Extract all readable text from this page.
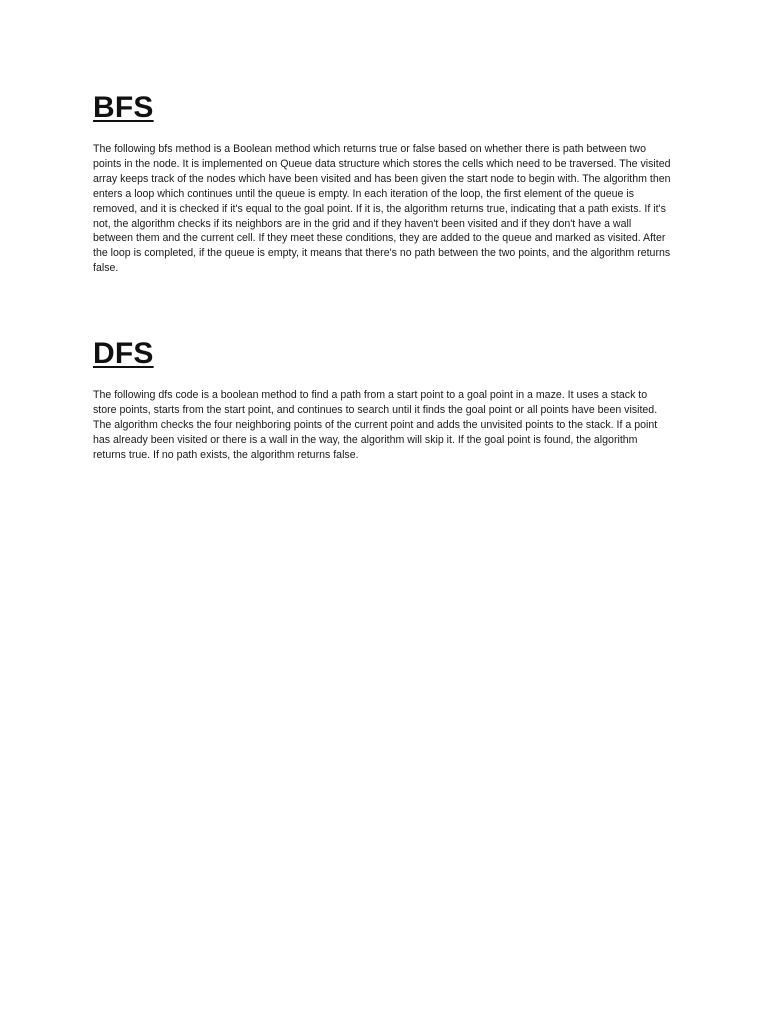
BFS

The following bfs method is a Boolean method which returns true or false based on whether there is path between two points in the node. It is implemented on Queue data structure which stores the cells which need to be traversed. The visited array keeps track of the nodes which have been visited and has been given the start node to begin with. The algorithm then enters a loop which continues until the queue is empty. In each iteration of the loop, the first element of the queue is removed, and it is checked if it's equal to the goal point. If it is, the algorithm returns true, indicating that a path exists. If it's not, the algorithm checks if its neighbors are in the grid and if they haven't been visited and if they don't have a wall between them and the current cell. If they meet these conditions, they are added to the queue and marked as visited. After the loop is completed, if the queue is empty, it means that there's no path between the two points, and the algorithm returns false.

DFS

The following dfs code is a boolean method to find a path from a start point to a goal point in a maze. It uses a stack to store points, starts from the start point, and continues to search until it finds the goal point or all points have been visited. The algorithm checks the four neighboring points of the current point and adds the unvisited points to the stack. If a point has already been visited or there is a wall in the way, the algorithm will skip it. If the goal point is found, the algorithm returns true. If no path exists, the algorithm returns false.
